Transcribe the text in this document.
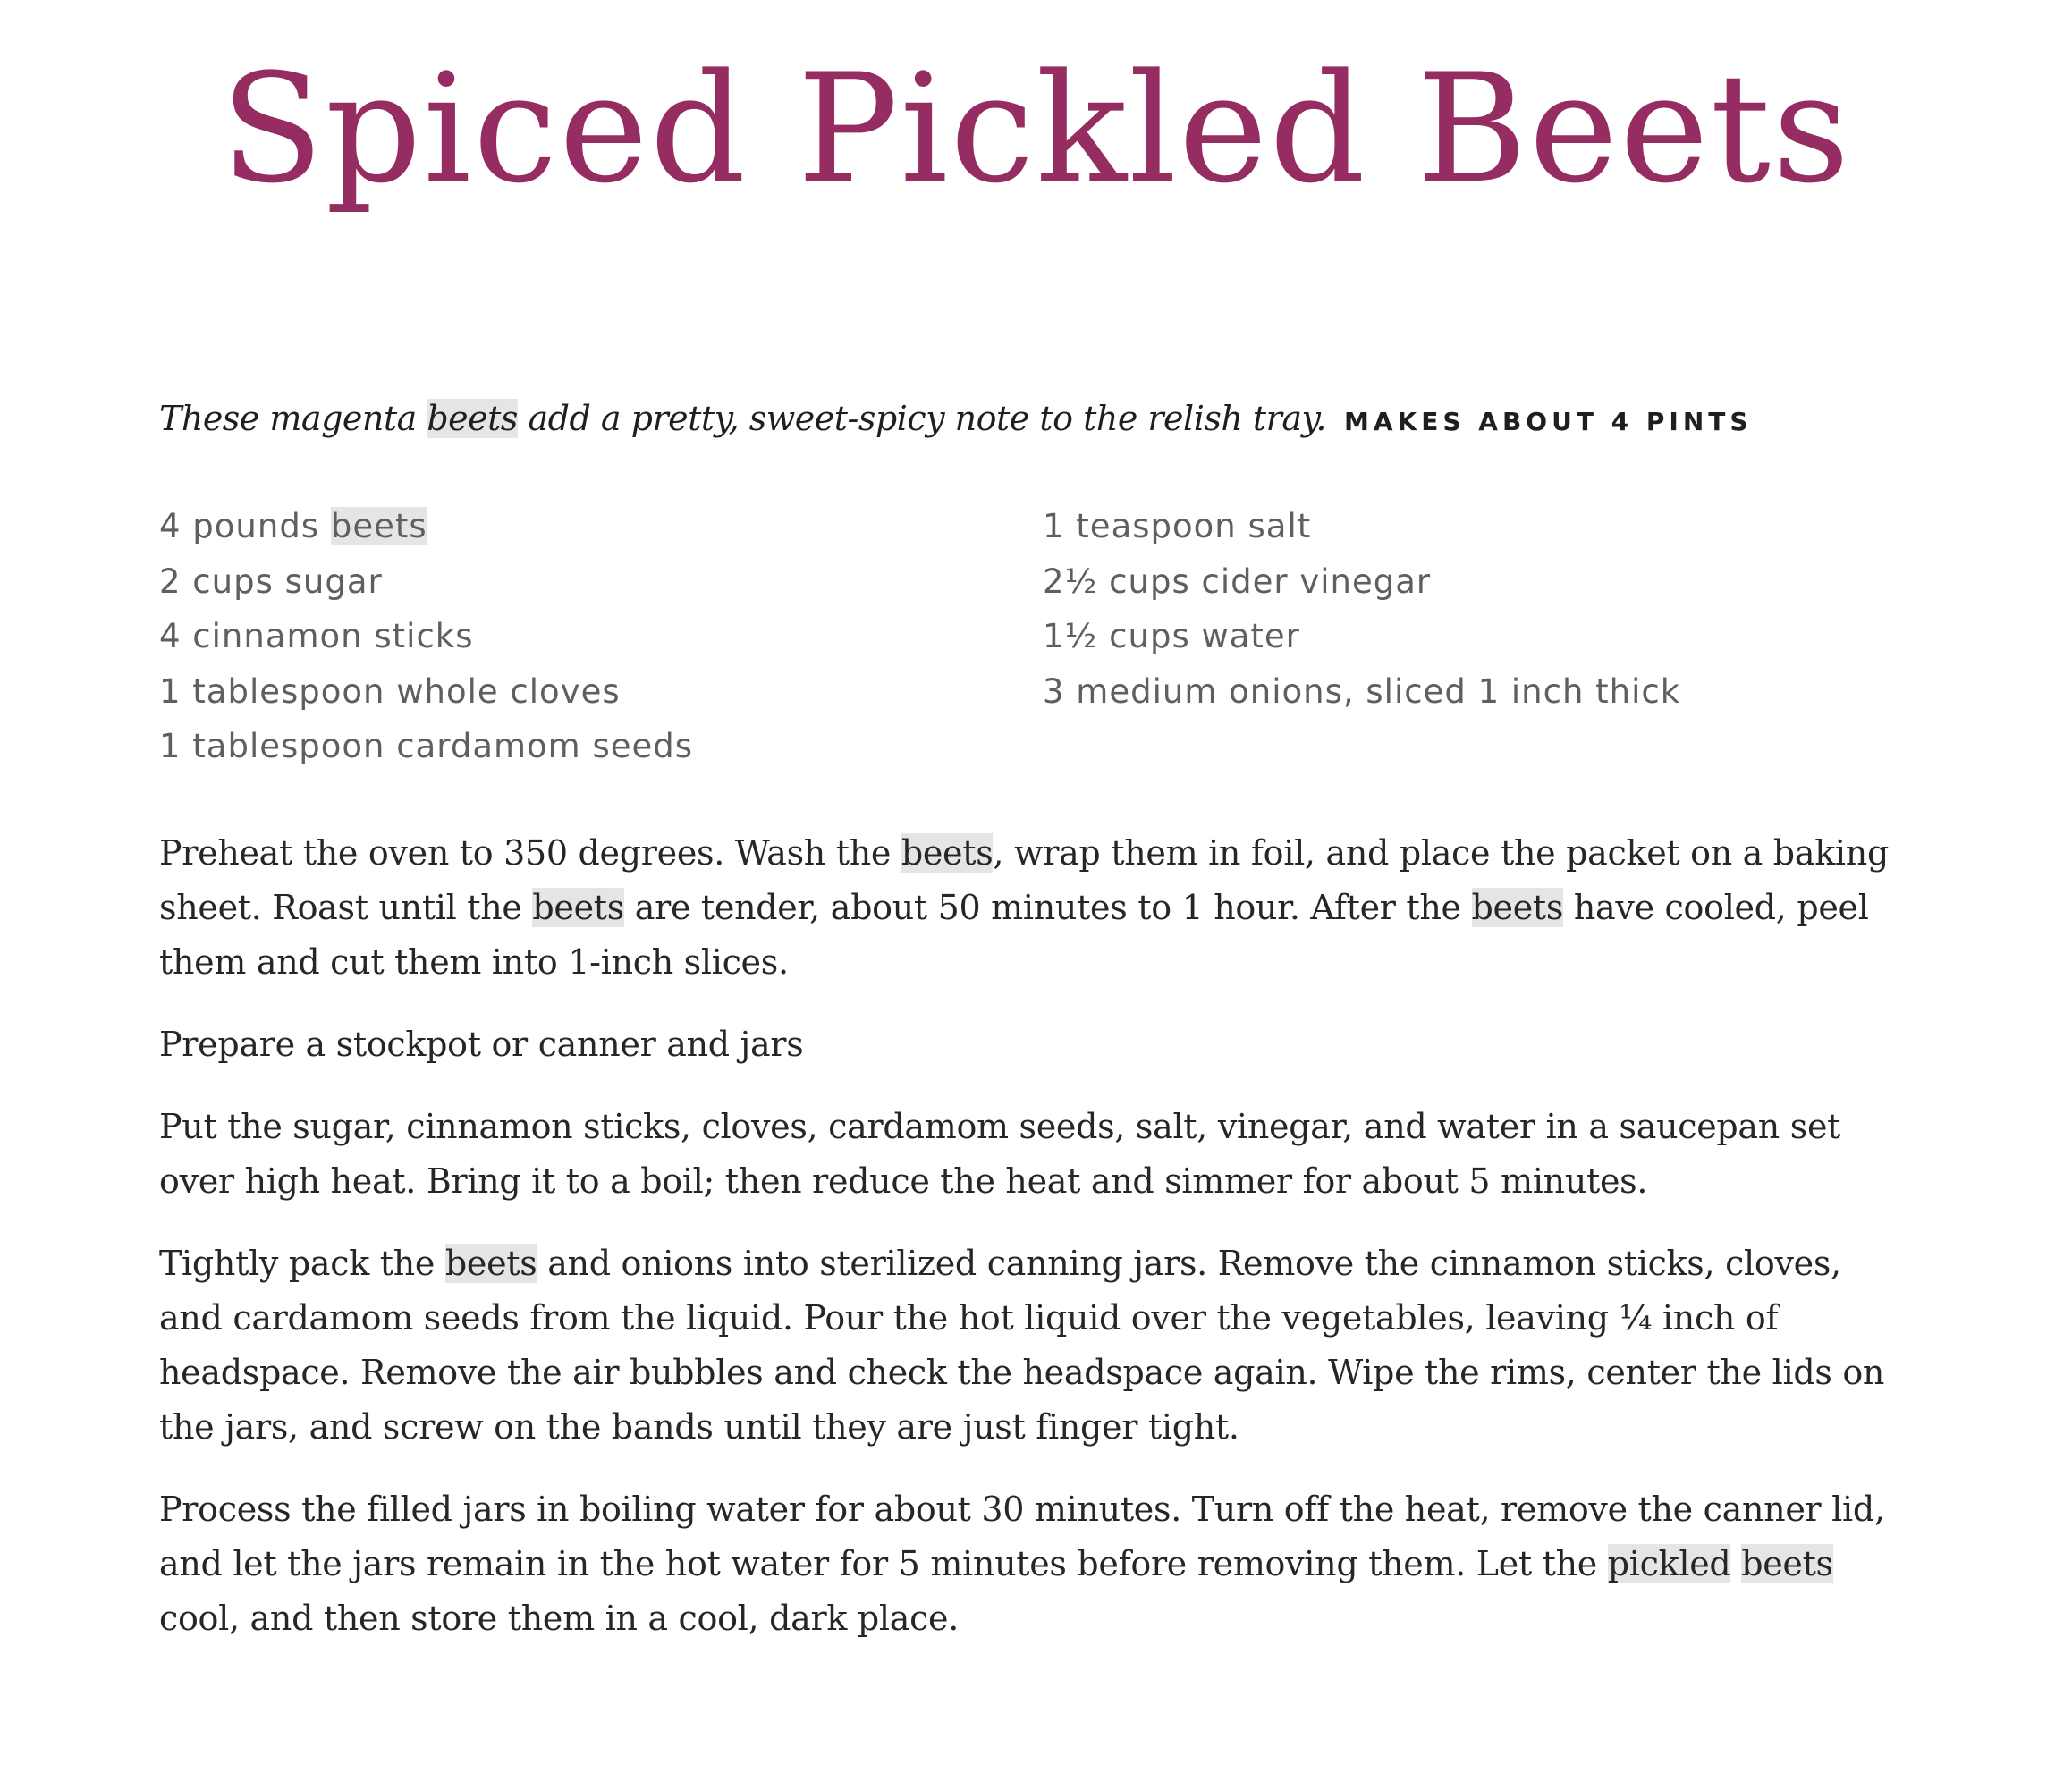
Spiced Pickled Beets

These magenta beets add a pretty, sweet-spicy note to the relish tray. MAKES ABOUT 4 PINTS

4 pounds beets
2 cups sugar
4 cinnamon sticks
1 tablespoon whole cloves
1 tablespoon cardamom seeds
1 teaspoon salt
2½ cups cider vinegar
1½ cups water
3 medium onions, sliced 1 inch thick

Preheat the oven to 350 degrees. Wash the beets, wrap them in foil, and place the packet on a baking sheet. Roast until the beets are tender, about 50 minutes to 1 hour. After the beets have cooled, peel them and cut them into 1-inch slices.

Prepare a stockpot or canner and jars

Put the sugar, cinnamon sticks, cloves, cardamom seeds, salt, vinegar, and water in a saucepan set over high heat. Bring it to a boil; then reduce the heat and simmer for about 5 minutes.

Tightly pack the beets and onions into sterilized canning jars. Remove the cinnamon sticks, cloves, and cardamom seeds from the liquid. Pour the hot liquid over the vegetables, leaving ¼ inch of headspace. Remove the air bubbles and check the headspace again. Wipe the rims, center the lids on the jars, and screw on the bands until they are just finger tight.

Process the filled jars in boiling water for about 30 minutes. Turn off the heat, remove the canner lid, and let the jars remain in the hot water for 5 minutes before removing them. Let the pickled beets cool, and then store them in a cool, dark place.
